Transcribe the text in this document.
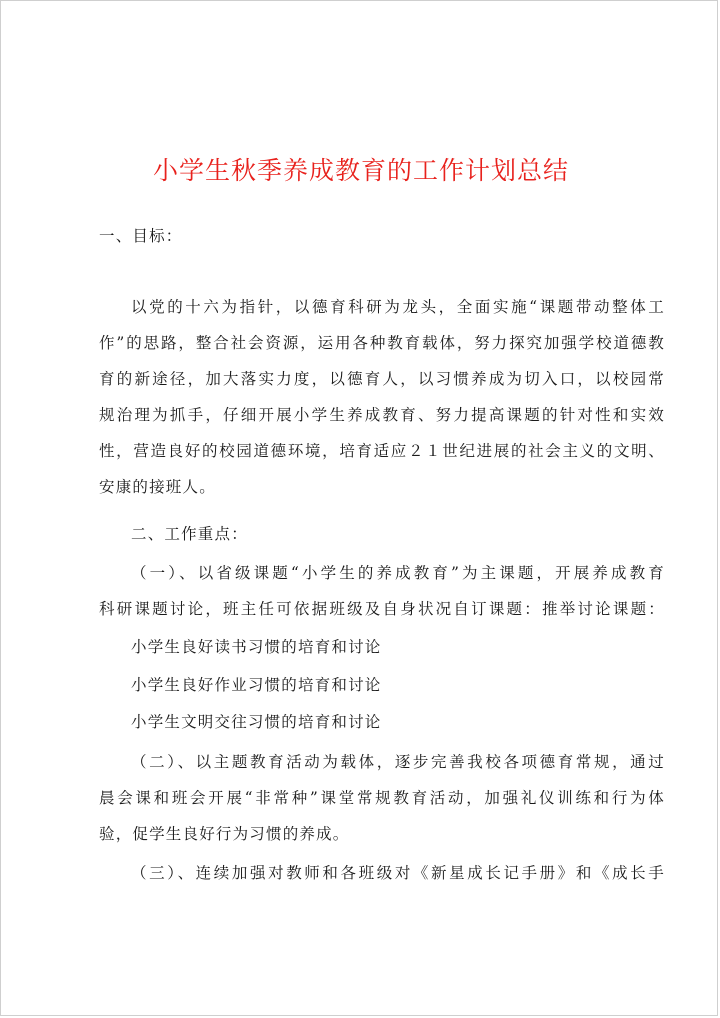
小学生秋季养成教育的工作计划总结
一、目标：
以党的十六为指针，以德育科研为龙头，全面实施“课题带动整体工
作”的思路，整合社会资源，运用各种教育载体，努力探究加强学校道德教
育的新途径，加大落实力度，以德育人，以习惯养成为切入口，以校园常
规治理为抓手，仔细开展小学生养成教育、努力提高课题的针对性和实效
性，营造良好的校园道德环境，培育适应２１世纪进展的社会主义的文明、
安康的接班人。
二、工作重点：
（一）、以省级课题“小学生的养成教育”为主课题，开展养成教育
科研课题讨论，班主任可依据班级及自身状况自订课题：推举讨论课题：
小学生良好读书习惯的培育和讨论
小学生良好作业习惯的培育和讨论
小学生文明交往习惯的培育和讨论
（二）、以主题教育活动为载体，逐步完善我校各项德育常规，通过
晨会课和班会开展“非常种”课堂常规教育活动，加强礼仪训练和行为体
验，促学生良好行为习惯的养成。
（三）、连续加强对教师和各班级对《新星成长记手册》和《成长手
